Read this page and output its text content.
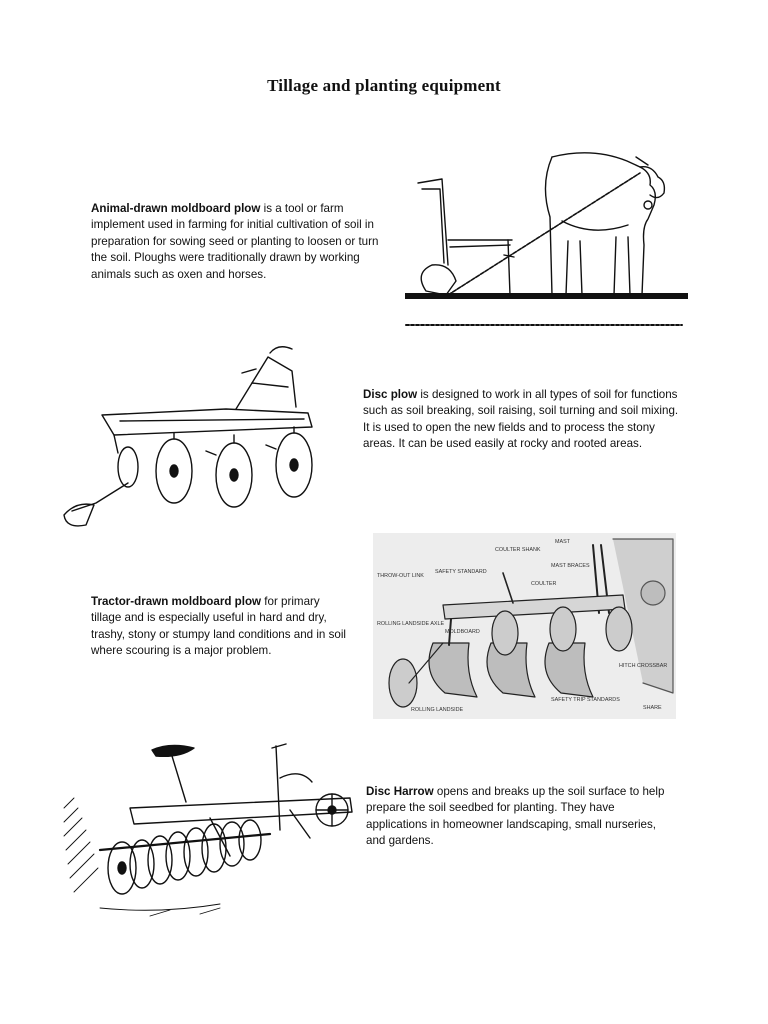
Tillage and planting equipment
Animal-drawn moldboard plow is a tool or farm implement used in farming for initial cultivation of soil in preparation for sowing seed or planting to loosen or turn the soil. Ploughs were traditionally drawn by working animals such as oxen and horses.
Disc plow is designed to work in all types of soil for functions such as soil breaking, soil raising, soil turning and soil mixing. It is used to open the new fields and to process the stony areas. It can be used easily at rocky and rooted areas.
Tractor-drawn moldboard plow for primary tillage and is especially useful in hard and dry, trashy, stony or stumpy land conditions and in soil where scouring is a major problem.
Disc Harrow opens and breaks up the soil surface to help prepare the soil seedbed for planting. They have applications in homeowner landscaping, small nurseries, and gardens.
MAST
COULTER SHANK
MAST BRACES
COULTER
THROW-OUT LINK
SAFETY STANDARD
ROLLING LANDSIDE AXLE
MOLDBOARD
HITCH CROSSBAR
SAFETY TRIP STANDARDS
ROLLING LANDSIDE	SHARE
